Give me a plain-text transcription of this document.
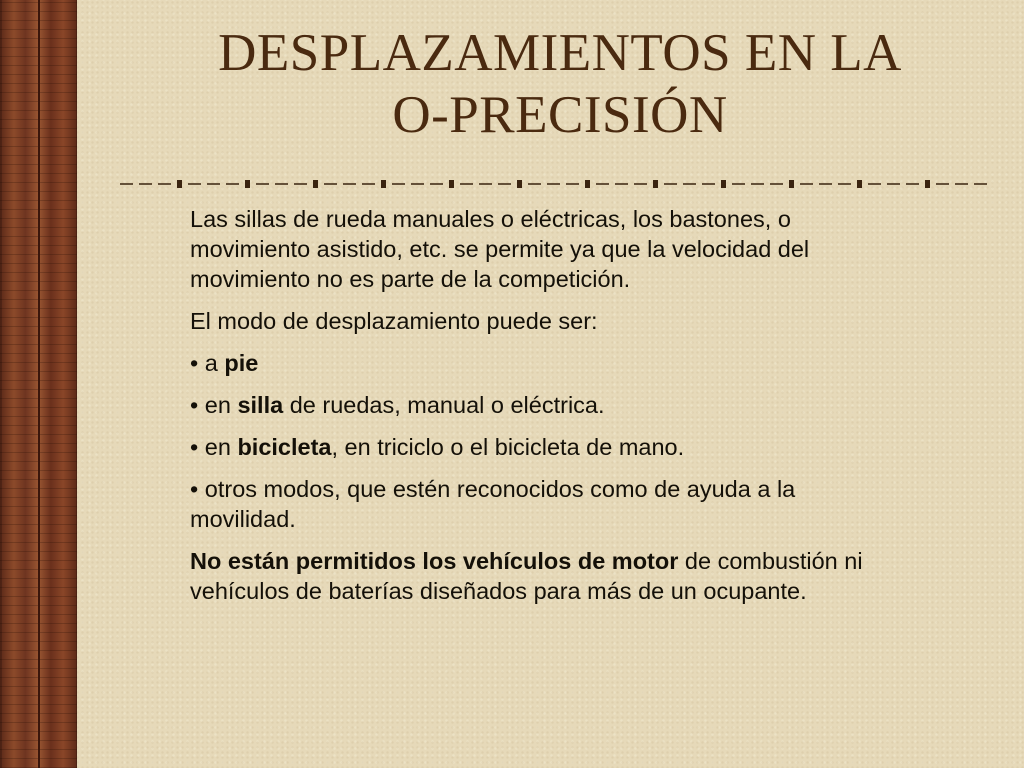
DESPLAZAMIENTOS EN LA
O-PRECISIÓN

Las sillas de rueda manuales o eléctricas, los bastones, o movimiento asistido, etc. se permite ya que la velocidad del movimiento no es parte de la competición.

El modo de desplazamiento puede ser:

• a pie

• en silla de ruedas, manual o eléctrica.

• en bicicleta, en triciclo o el bicicleta de mano.

• otros modos, que estén reconocidos como de ayuda a la movilidad.

No están permitidos los vehículos de motor de combustión ni vehículos de baterías diseñados para más de un ocupante.
